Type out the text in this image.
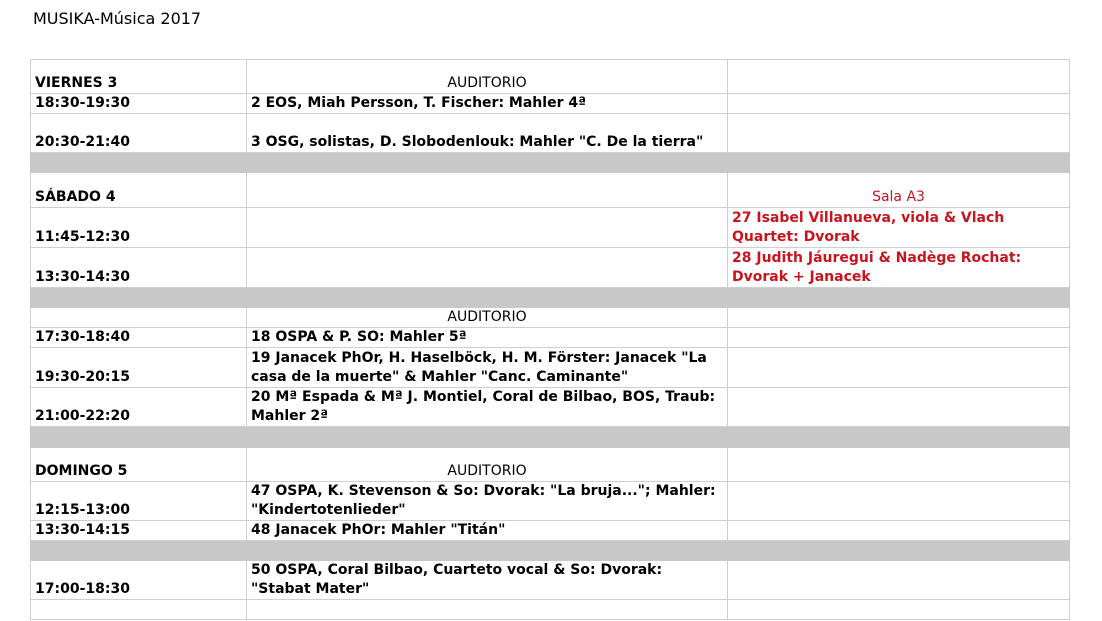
MUSIKA-Música 2017
VIERNES 3	AUDITORIO	
18:30-19:30	2 EOS, Miah Persson, T. Fischer: Mahler 4ª	
20:30-21:40	3 OSG, solistas, D. Slobodenlouk: Mahler "C. De la tierra"	

SÁBADO 4		Sala A3
11:45-12:30		27 Isabel Villanueva, viola & Vlach Quartet: Dvorak
13:30-14:30		28 Judith Jáuregui & Nadège Rochat: Dvorak + Janacek

	AUDITORIO	
17:30-18:40	18 OSPA & P. SO: Mahler 5ª	
19:30-20:15	19 Janacek PhOr, H. Haselböck, H. M. Förster: Janacek "La casa de la muerte" & Mahler "Canc. Caminante"	
21:00-22:20	20 Mª Espada & Mª J. Montiel, Coral de Bilbao, BOS, Traub: Mahler 2ª	

DOMINGO 5	AUDITORIO	
12:15-13:00	47 OSPA, K. Stevenson & So: Dvorak: "La bruja..."; Mahler: "Kindertotenlieder"	
13:30-14:15	48 Janacek PhOr: Mahler "Titán"	

17:00-18:30	50 OSPA, Coral Bilbao, Cuarteto vocal & So: Dvorak: "Stabat Mater"	
